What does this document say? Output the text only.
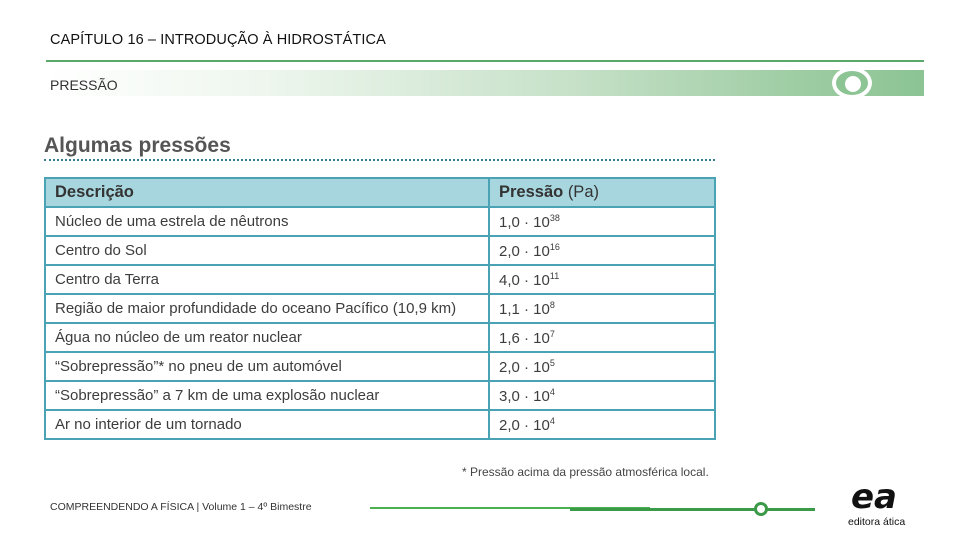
CAPÍTULO 16 – INTRODUÇÃO À HIDROSTÁTICA
PRESSÃO
Algumas pressões
Descrição	Pressão (Pa)
Núcleo de uma estrela de nêutrons	$1,0 \cdot 10^{38}$
Centro do Sol	$2,0 \cdot 10^{16}$
Centro da Terra	$4,0 \cdot 10^{11}$
Região de maior profundidade do oceano Pacífico (10,9 km)	$1,1 \cdot 10^8$
Água no núcleo de um reator nuclear	$1,6 \cdot 10^7$
“Sobrepressão”* no pneu de um automóvel	$2,0 \cdot 10^5$
“Sobrepressão” a 7 km de uma explosão nuclear	$3,0 \cdot 10^4$
Ar no interior de um tornado	$2,0 \cdot 10^4$
* Pressão acima da pressão atmosférica local.
COMPREENDENDO A FÍSICA | Volume 1 – 4º Bimestre	ea
editora ática
